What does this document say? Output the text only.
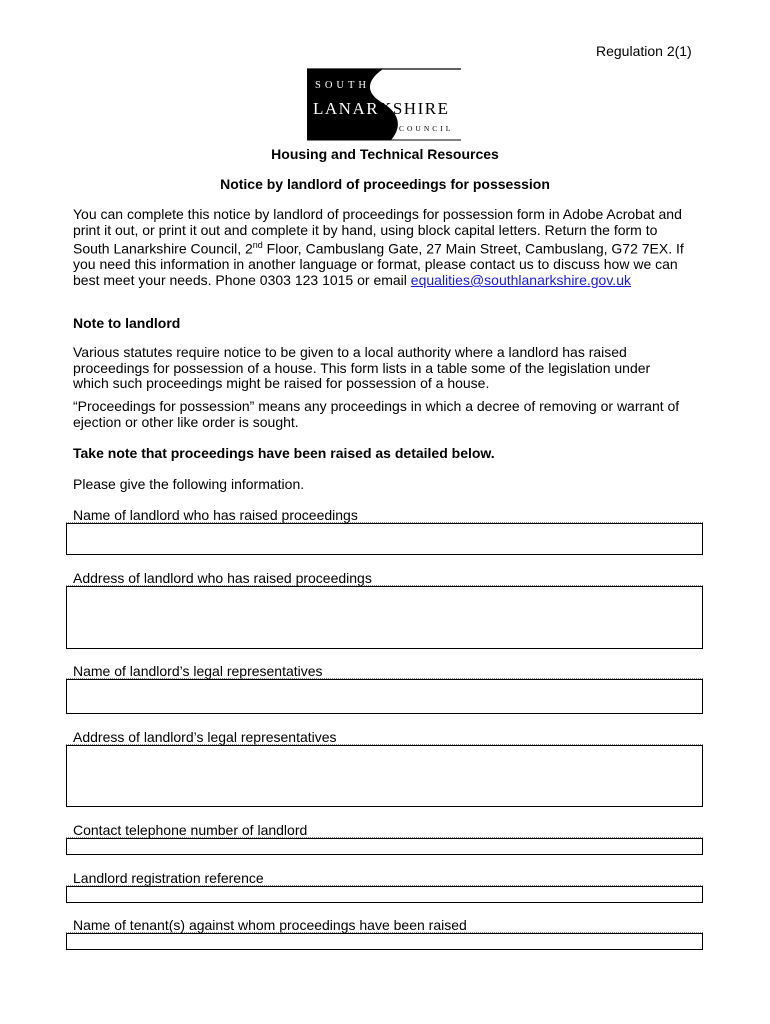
Regulation 2(1)
SOUTH
LANARKSHIRE
COUNCIL
Housing and Technical Resources
Notice by landlord of proceedings for possession
You can complete this notice by landlord of proceedings for possession form in Adobe Acrobat and
print it out, or print it out and complete it by hand, using block capital letters. Return the form to
South Lanarkshire Council, 2nd Floor, Cambuslang Gate, 27 Main Street, Cambuslang, G72 7EX. If
you need this information in another language or format, please contact us to discuss how we can
best meet your needs. Phone 0303 123 1015 or email equalities@southlanarkshire.gov.uk
Note to landlord
Various statutes require notice to be given to a local authority where a landlord has raised
proceedings for possession of a house. This form lists in a table some of the legislation under
which such proceedings might be raised for possession of a house.
“Proceedings for possession” means any proceedings in which a decree of removing or warrant of
ejection or other like order is sought.
Take note that proceedings have been raised as detailed below.
Please give the following information.
Name of landlord who has raised proceedings
Address of landlord who has raised proceedings
Name of landlord’s legal representatives
Address of landlord’s legal representatives
Contact telephone number of landlord
Landlord registration reference
Name of tenant(s) against whom proceedings have been raised
